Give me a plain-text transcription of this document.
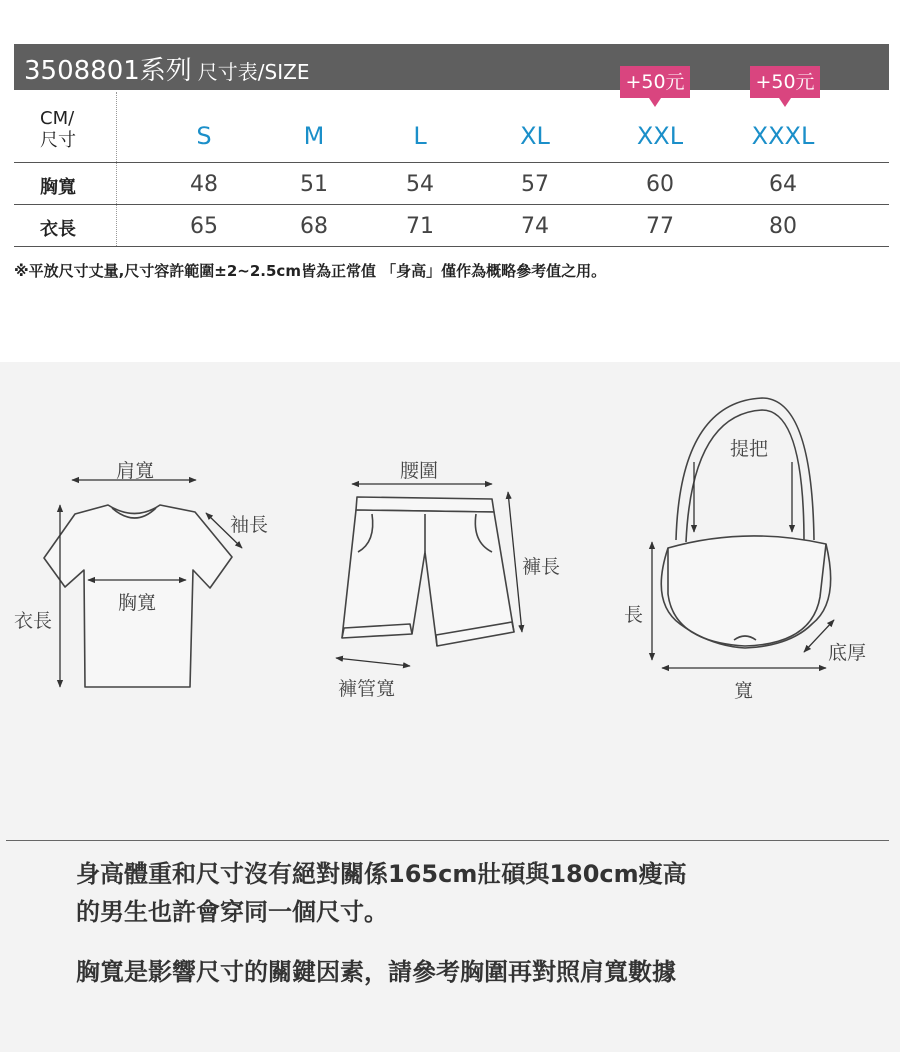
3508801系列 尺寸表/SIZE	+50元	+50元
CM/
尺寸	S	M	L	XL	XXL	XXXL
胸寬	48	51	54	57	60	64
衣長	65	68	71	74	77	80
※平放尺寸丈量,尺寸容許範圍±2~2.5cm皆為正常值 「身高」僅作為概略參考值之用。
肩寬
袖長
胸寬
衣長
腰圍
褲長
褲管寬
提把
長
寬
底厚
身高體重和尺寸沒有絕對關係165cm壯碩與180cm瘦高
的男生也許會穿同一個尺寸。
胸寬是影響尺寸的關鍵因素，請參考胸圍再對照肩寬數據
